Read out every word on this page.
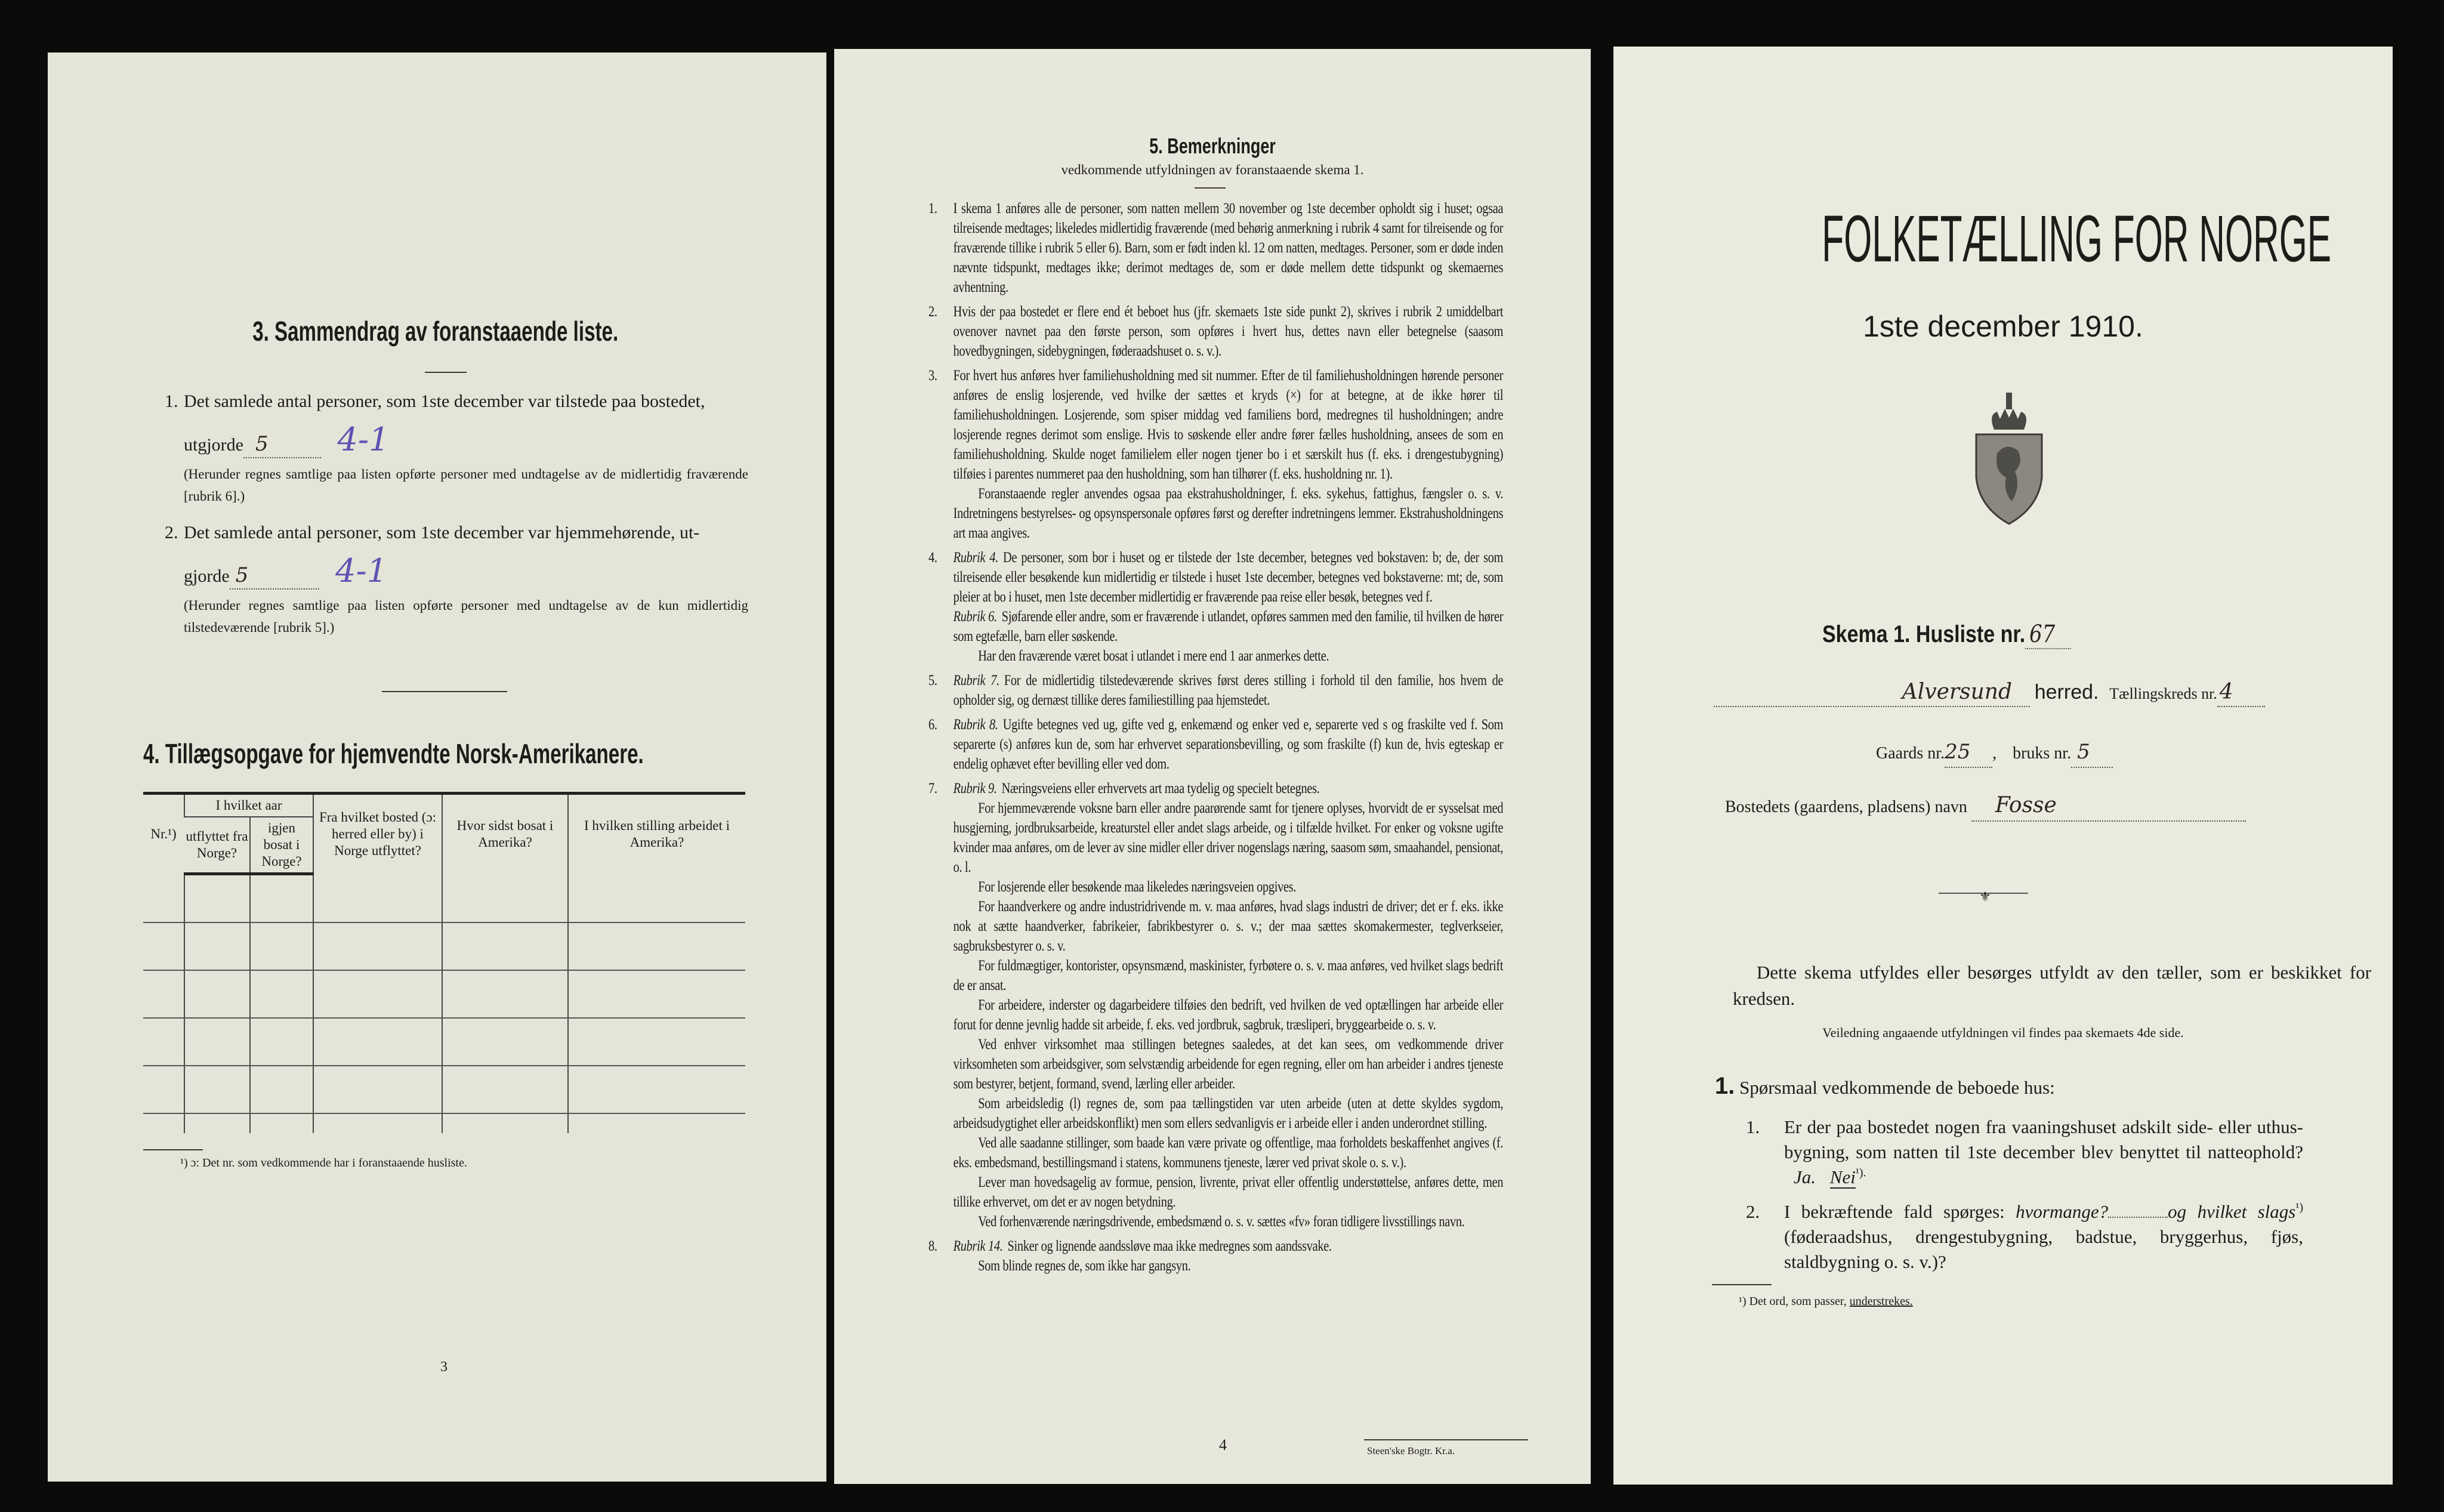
3. Sammendrag av foranstaaende liste.
1. Det samlede antal personer, som 1ste december var tilstede paa bostedet,
utgjorde 5 4-1
(Herunder regnes samtlige paa listen opførte personer med undtagelse av de midlertidig fraværende [rubrik 6].)
2. Det samlede antal personer, som 1ste december var hjemmehørende, ut-
gjorde 5	4-1
(Herunder regnes samtlige paa listen opførte personer med undtagelse av de kun midlertidig tilstedeværende [rubrik 5].)
4. Tillægsopgave for hjemvendte Norsk-Amerikanere.
Nr.¹)	I hvilket aar		Fra hvilket bosted (ɔ: herred eller by) i Norge utflyttet?	Hvor sidst bosat i Amerika?	I hvilken stilling arbeidet i Amerika?
	utflyttet fra Norge?	igjen bosat i Norge?			

¹) ɔ: Det nr. som vedkommende har i foranstaaende husliste.
3
5. Bemerkninger
vedkommende utfyldningen av foranstaaende skema 1.
1. I skema 1 anføres alle de personer, som natten mellem 30 november og 1ste december opholdt sig i huset; ogsaa tilreisende medtages; likeledes midlertidig fraværende (med behørig anmerkning i rubrik 4 samt for tilreisende og for fraværende tillike i rubrik 5 eller 6). Barn, som er født inden kl. 12 om natten, medtages. Personer, som er døde inden nævnte tidspunkt, medtages ikke; derimot medtages de, som er døde mellem dette tidspunkt og skemaernes avhentning.

2. Hvis der paa bostedet er flere end ét beboet hus (jfr. skemaets 1ste side punkt 2), skrives i rubrik 2 umiddelbart ovenover navnet paa den første person, som opføres i hvert hus, dettes navn eller betegnelse (saasom hovedbygningen, sidebygningen, føderaadshuset o. s. v.).

3. For hvert hus anføres hver familiehusholdning med sit nummer. Efter de til familiehusholdningen hørende personer anføres de enslig losjerende, ved hvilke der sættes et kryds (×) for at betegne, at de ikke hører til familiehusholdningen. Losjerende, som spiser middag ved familiens bord, medregnes til husholdningen; andre losjerende regnes derimot som enslige. Hvis to søskende eller andre fører fælles husholdning, ansees de som en familiehusholdning. Skulde noget familielem eller nogen tjener bo i et særskilt hus (f. eks. i drengestubygning) tilføies i parentes nummeret paa den husholdning, som han tilhører (f. eks. husholdning nr. 1).

Foranstaaende regler anvendes ogsaa paa ekstrahusholdninger, f. eks. sykehus, fattighus, fængsler o. s. v. Indretningens bestyrelses- og opsynspersonale opføres først og derefter indretningens lemmer. Ekstrahusholdningens art maa angives.

4. Rubrik 4. De personer, som bor i huset og er tilstede der 1ste december, betegnes ved bokstaven: b; de, der som tilreisende eller besøkende kun midlertidig er tilstede i huset 1ste december, betegnes ved bokstaverne: mt; de, som pleier at bo i huset, men 1ste december midlertidig er fraværende paa reise eller besøk, betegnes ved f.

Rubrik 6. Sjøfarende eller andre, som er fraværende i utlandet, opføres sammen med den familie, til hvilken de hører som egtefælle, barn eller søskende.

Har den fraværende været bosat i utlandet i mere end 1 aar anmerkes dette.

5. Rubrik 7. For de midlertidig tilstedeværende skrives først deres stilling i forhold til den familie, hos hvem de opholder sig, og dernæst tillike deres familiestilling paa hjemstedet.

6. Rubrik 8. Ugifte betegnes ved ug, gifte ved g, enkemænd og enker ved e, separerte ved s og fraskilte ved f. Som separerte (s) anføres kun de, som har erhvervet separationsbevilling, og som fraskilte (f) kun de, hvis egteskap er endelig ophævet efter bevilling eller ved dom.

7. Rubrik 9. Næringsveiens eller erhvervets art maa tydelig og specielt betegnes.

For hjemmeværende voksne barn eller andre paarørende samt for tjenere oplyses, hvorvidt de er sysselsat med husgjerning, jordbruksarbeide, kreaturstel eller andet slags arbeide, og i tilfælde hvilket. For enker og voksne ugifte kvinder maa anføres, om de lever av sine midler eller driver nogenslags næring, saasom søm, smaahandel, pensionat, o. l.

For losjerende eller besøkende maa likeledes næringsveien opgives.

For haandverkere og andre industridrivende m. v. maa anføres, hvad slags industri de driver; det er f. eks. ikke nok at sætte haandverker, fabrikeier, fabrikbestyrer o. s. v.; der maa sættes skomakermester, teglverkseier, sagbruksbestyrer o. s. v.

For fuldmægtiger, kontorister, opsynsmænd, maskinister, fyrbøtere o. s. v. maa anføres, ved hvilket slags bedrift de er ansat.

For arbeidere, inderster og dagarbeidere tilføies den bedrift, ved hvilken de ved optællingen har arbeide eller forut for denne jevnlig hadde sit arbeide, f. eks. ved jordbruk, sagbruk, træsliperi, bryggearbeide o. s. v.

Ved enhver virksomhet maa stillingen betegnes saaledes, at det kan sees, om vedkommende driver virksomheten som arbeidsgiver, som selvstændig arbeidende for egen regning, eller om han arbeider i andres tjeneste som bestyrer, betjent, formand, svend, lærling eller arbeider.

Som arbeidsledig (l) regnes de, som paa tællingstiden var uten arbeide (uten at dette skyldes sygdom, arbeidsudygtighet eller arbeidskonflikt) men som ellers sedvanligvis er i arbeide eller i anden underordnet stilling.

Ved alle saadanne stillinger, som baade kan være private og offentlige, maa forholdets beskaffenhet angives (f. eks. embedsmand, bestillingsmand i statens, kommunens tjeneste, lærer ved privat skole o. s. v.).

Lever man hovedsagelig av formue, pension, livrente, privat eller offentlig understøttelse, anføres dette, men tillike erhvervet, om det er av nogen betydning.

Ved forhenværende næringsdrivende, embedsmænd o. s. v. sættes «fv» foran tidligere livsstillings navn.

8. Rubrik 14. Sinker og lignende aandssløve maa ikke medregnes som aandssvake.

Som blinde regnes de, som ikke har gangsyn.

4	Steen'ske Bogtr. Kr.a.
FOLKETÆLLING FOR NORGE
1ste december 1910.
Skema 1. Husliste nr. 67
Alversund herred. Tællingskreds nr. 4
Gaards nr.25 , bruks nr. 5
Bostedets (gaardens, pladsens) navn Fosse
⚜
Dette skema utfyldes eller besørges utfyldt av den tæller, som er beskikket for kredsen.
Veiledning angaaende utfyldningen vil findes paa skemaets 4de side.
1. Spørsmaal vedkommende de beboede hus:
1. Er der paa bostedet nogen fra vaaningshuset adskilt side- eller uthus-bygning, som natten til 1ste december blev benyttet til natteophold? Ja. Nei$^{^1).}$
2. I bekræftende fald spørges: hvormange?	og hvilket slags$^{^1)}$ (føderaadshus, drengestubygning, badstue, bryggerhus, fjøs, staldbygning o. s. v.)?
¹) Det ord, som passer, understrekes.
